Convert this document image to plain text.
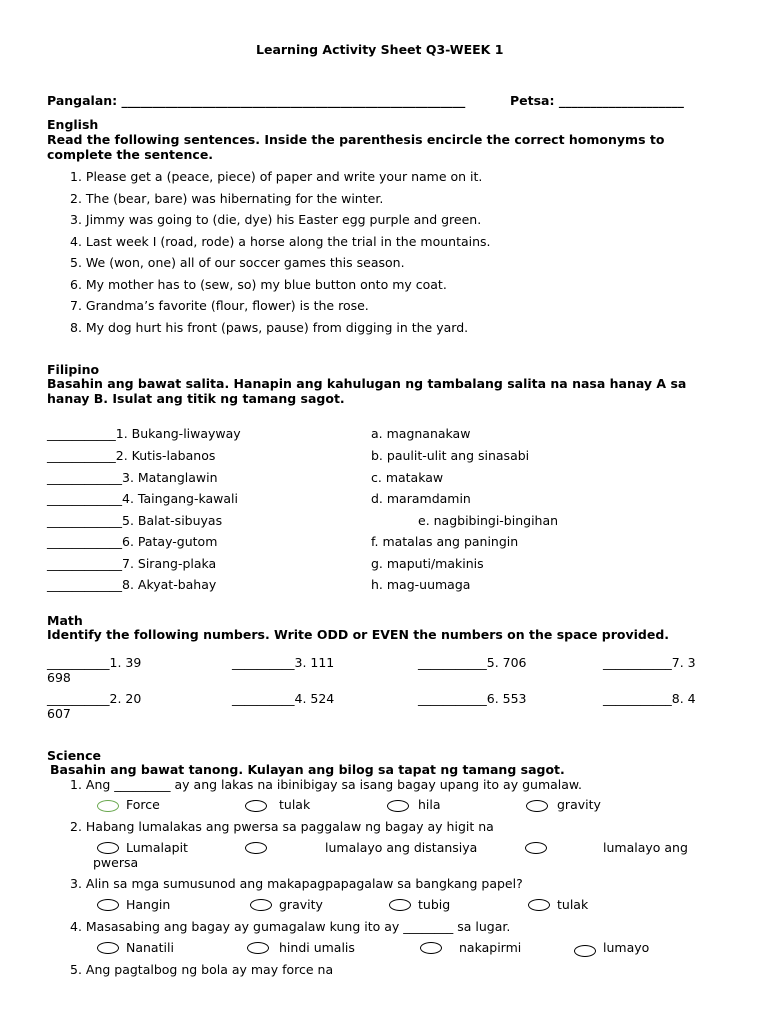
Learning Activity Sheet Q3-WEEK 1
Pangalan: _______________________________________________________	Petsa: ____________________
English
Read the following sentences. Inside the parenthesis encircle the correct homonyms to
complete the sentence.
1. Please get a (peace, piece) of paper and write your name on it.
2. The (bear, bare) was hibernating for the winter.
3. Jimmy was going to (die, dye) his Easter egg purple and green.
4. Last week I (road, rode) a horse along the trial in the mountains.
5. We (won, one) all of our soccer games this season.
6. My mother has to (sew, so) my blue button onto my coat.
7. Grandma’s favorite (flour, flower) is the rose.
8. My dog hurt his front (paws, pause) from digging in the yard.
Filipino
Basahin ang bawat salita. Hanapin ang kahulugan ng tambalang salita na nasa hanay A sa
hanay B. Isulat ang titik ng tamang sagot.
___________1. Bukang-liwayway
___________2. Kutis-labanos
____________3. Matanglawin
____________4. Taingang-kawali
____________5. Balat-sibuyas
____________6. Patay-gutom
____________7. Sirang-plaka
____________8. Akyat-bahay
a. magnanakaw
b. paulit-ulit ang sinasabi
c. matakaw
d. maramdamin
e. nagbibingi-bingihan
f. matalas ang paningin
g. maputi/makinis
h. mag-uumaga
Math
Identify the following numbers. Write ODD or EVEN the numbers on the space provided.
__________1. 39	__________3. 111	___________5. 706	___________7. 3
698
__________2. 20	__________4. 524	___________6. 553	___________8. 4
607
Science
Basahin ang bawat tanong. Kulayan ang bilog sa tapat ng tamang sagot.
1. Ang _________ ay ang lakas na ibinibigay sa isang bagay upang ito ay gumalaw.
Force	tulak	hila	gravity
2. Habang lumalakas ang pwersa sa paggalaw ng bagay ay higit na
Lumalapit	lumalayo ang distansiya	lumalayo ang
pwersa
3. Alin sa mga sumusunod ang makapagpapagalaw sa bangkang papel?
Hangin	gravity	tubig	tulak
4. Masasabing ang bagay ay gumagalaw kung ito ay ________ sa lugar.
Nanatili	hindi umalis	nakapirmi	lumayo
5. Ang pagtalbog ng bola ay may force na
